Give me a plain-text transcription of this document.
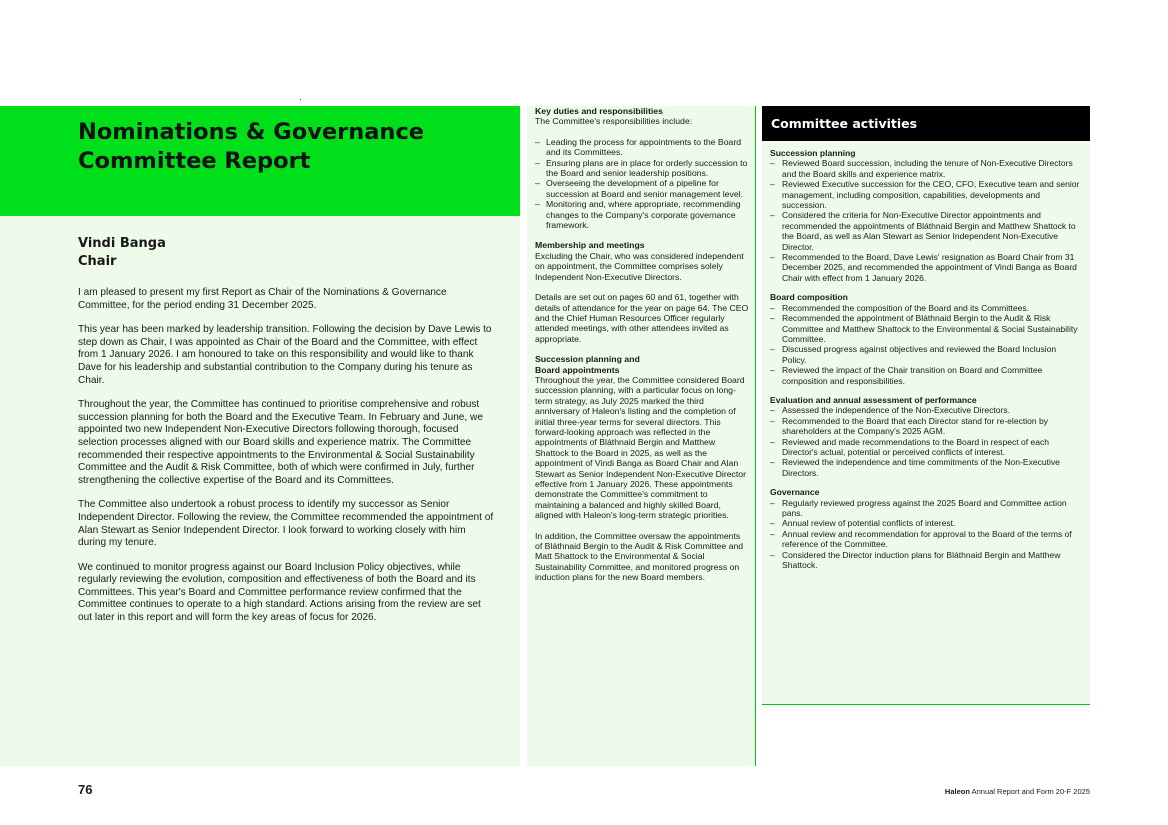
Nominations & Governance Committee Report
Vindi Banga
Chair

I am pleased to present my first Report as Chair of the Nominations & Governance Committee, for the period ending 31 December 2025.

This year has been marked by leadership transition. Following the decision by Dave Lewis to step down as Chair, I was appointed as Chair of the Board and the Committee, with effect from 1 January 2026. I am honoured to take on this responsibility and would like to thank Dave for his leadership and substantial contribution to the Company during his tenure as Chair.

Throughout the year, the Committee has continued to prioritise comprehensive and robust succession planning for both the Board and the Executive Team. In February and June, we appointed two new Independent Non-Executive Directors following thorough, focused selection processes aligned with our Board skills and experience matrix. The Committee recommended their respective appointments to the Environmental & Social Sustainability Committee and the Audit & Risk Committee, both of which were confirmed in July, further strengthening the collective expertise of the Board and its Committees.

The Committee also undertook a robust process to identify my successor as Senior Independent Director. Following the review, the Committee recommended the appointment of Alan Stewart as Senior Independent Director. I look forward to working closely with him during my tenure.

We continued to monitor progress against our Board Inclusion Policy objectives, while regularly reviewing the evolution, composition and effectiveness of both the Board and its Committees. This year's Board and Committee performance review confirmed that the Committee continues to operate to a high standard. Actions arising from the review are set out later in this report and will form the key areas of focus for 2026.

Key duties and responsibilities

The Committee's responsibilities include:

– Leading the process for appointments to the Board and its Committees.
– Ensuring plans are in place for orderly succession to the Board and senior leadership positions.
– Overseeing the development of a pipeline for succession at Board and senior management level.
– Monitoring and, where appropriate, recommending changes to the Company's corporate governance framework.
Membership and meetings

Excluding the Chair, who was considered independent on appointment, the Committee comprises solely Independent Non-Executive Directors.

Details are set out on pages 60 and 61, together with details of attendance for the year on page 64. The CEO and the Chief Human Resources Officer regularly attended meetings, with other attendees invited as appropriate.

Succession planning and
Board appointments

Throughout the year, the Committee considered Board succession planning, with a particular focus on long-term strategy, as July 2025 marked the third anniversary of Haleon's listing and the completion of initial three-year terms for several directors. This forward-looking approach was reflected in the appointments of Bláthnaid Bergin and Matthew Shattock to the Board in 2025, as well as the appointment of Vindi Banga as Board Chair and Alan Stewart as Senior Independent Non-Executive Director effective from 1 January 2026. These appointments demonstrate the Committee's commitment to maintaining a balanced and highly skilled Board, aligned with Haleon's long-term strategic priorities.

In addition, the Committee oversaw the appointments of Bláthnaid Bergin to the Audit & Risk Committee and Matt Shattock to the Environmental & Social Sustainability Committee, and monitored progress on induction plans for the new Board members.

Committee activities
Succession planning
– Reviewed Board succession, including the tenure of Non-Executive Directors and the Board skills and experience matrix.
– Reviewed Executive succession for the CEO, CFO, Executive team and senior management, including composition, capabilities, developments and succession.
– Considered the criteria for Non-Executive Director appointments and recommended the appointments of Bláthnaid Bergin and Matthew Shattock to the Board, as well as Alan Stewart as Senior Independent Non-Executive Director.
– Recommended to the Board, Dave Lewis' resignation as Board Chair from 31 December 2025, and recommended the appointment of Vindi Banga as Board Chair with effect from 1 January 2026.
Board composition
– Recommended the composition of the Board and its Committees.
– Recommended the appointment of Bláthnaid Bergin to the Audit & Risk Committee and Matthew Shattock to the Environmental & Social Sustainability Committee.
– Discussed progress against objectives and reviewed the Board Inclusion Policy.
– Reviewed the impact of the Chair transition on Board and Committee composition and responsibilities.
Evaluation and annual assessment of performance
– Assessed the independence of the Non-Executive Directors.
– Recommended to the Board that each Director stand for re-election by shareholders at the Company's 2025 AGM.
– Reviewed and made recommendations to the Board in respect of each Director's actual, potential or perceived conflicts of interest.
– Reviewed the independence and time commitments of the Non-Executive Directors.
Governance
– Regularly reviewed progress against the 2025 Board and Committee action pans.
– Annual review of potential conflicts of interest.
– Annual review and recommendation for approval to the Board of the terms of reference of the Committee.
– Considered the Director induction plans for Bláthnaid Bergin and Matthew Shattock.
76	Haleon Annual Report and Form 20-F 2025
